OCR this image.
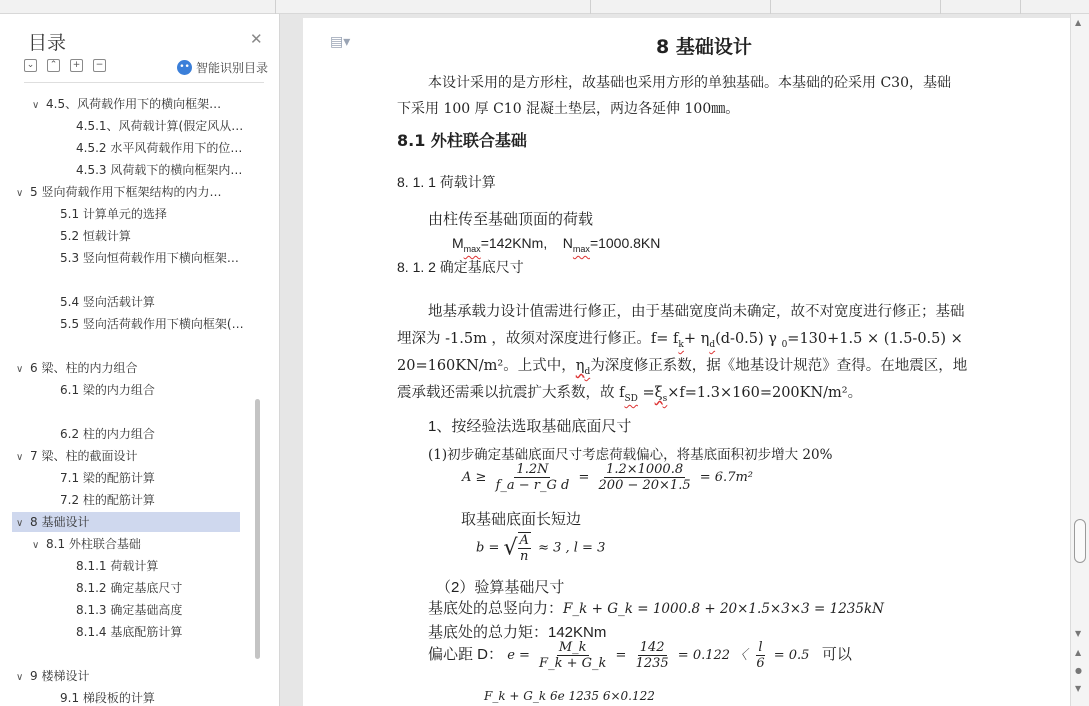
目录	✕
⌄	⌃	+	−	•• 智能识别目录
∨ 4.5、风荷载作用下的横向框架…
4.5.1、风荷载计算(假定风从…
4.5.2 水平风荷载作用下的位…
4.5.3 风荷载下的横向框架内…
∨ 5 竖向荷载作用下框架结构的内力…
5.1 计算单元的选择
5.2 恒载计算
5.3 竖向恒荷载作用下横向框架…
5.4 竖向活载计算
5.5 竖向活荷载作用下横向框架(…
∨ 6 梁、柱的内力组合
6.1 梁的内力组合
6.2 柱的内力组合
∨ 7 梁、柱的截面设计
7.1 梁的配筋计算
7.2 柱的配筋计算
∨ 8 基础设计
∨ 8.1 外柱联合基础
8.1.1 荷载计算
8.1.2 确定基底尺寸
8.1.3 确定基础高度
8.1.4 基底配筋计算
∨ 9 楼梯设计
9.1 梯段板的计算
▤▾	8 基础设计
本设计采用的是方形柱，故基础也采用方形的单独基础。本基础的砼采用 C30，基础
下采用 100 厚 C10 混凝土垫层，两边各延伸 100㎜。
8.1 外柱联合基础
8. 1. 1 荷载计算
由柱传至基础顶面的荷载
$M_{max}=142KNm$, $N_{max}=1000.8KN$
8. 1. 2 确定基底尺寸
地基承载力设计值需进行修正，由于基础宽度尚未确定，故不对宽度进行修正；基础
埋深为 -1.5m ，故须对深度进行修正。$f= f_k+ \eta_d(d-0.5)$ γ $_0$=130+1.5 × (1.5-0.5) ×
20=160KN/m²。上式中，$\eta_d$为深度修正系数，据《地基设计规范》查得。在地震区，地
震承载还需乘以抗震扩大系数，故 $f_{SD} =\xi_s\times f=1.3\times 160=200KN/m^2$。
1、按经验法选取基础底面尺寸
(1)初步确定基础底面尺寸考虑荷载偏心，将基底面积初步增大 20%
$A \ge \frac{1.2N}{\text{f\_a − r\_G d}} = \frac{1.2\times 1000.8}{200 - 20\times 1.5} = 6.7m^2$
取基础底面长短边
b = √ $\frac{A}{n} \approx 3$ , l = 3
（2）验算基础尺寸
基底处的总竖向力：F_k + G_k = 1000.8 + 20×1.5×3×3 = 1235kN
基底处的总力矩：142KNm
偏心距 D： $e = \frac{M\_k}{F\_k + G\_k} = \frac{142}{1235} = 0.122$ 〈 $\frac{l}{6} = 0.5$ 可以
F_k + G_k 6e 1235 6×0.122
▲
▼
▲
●
▼
